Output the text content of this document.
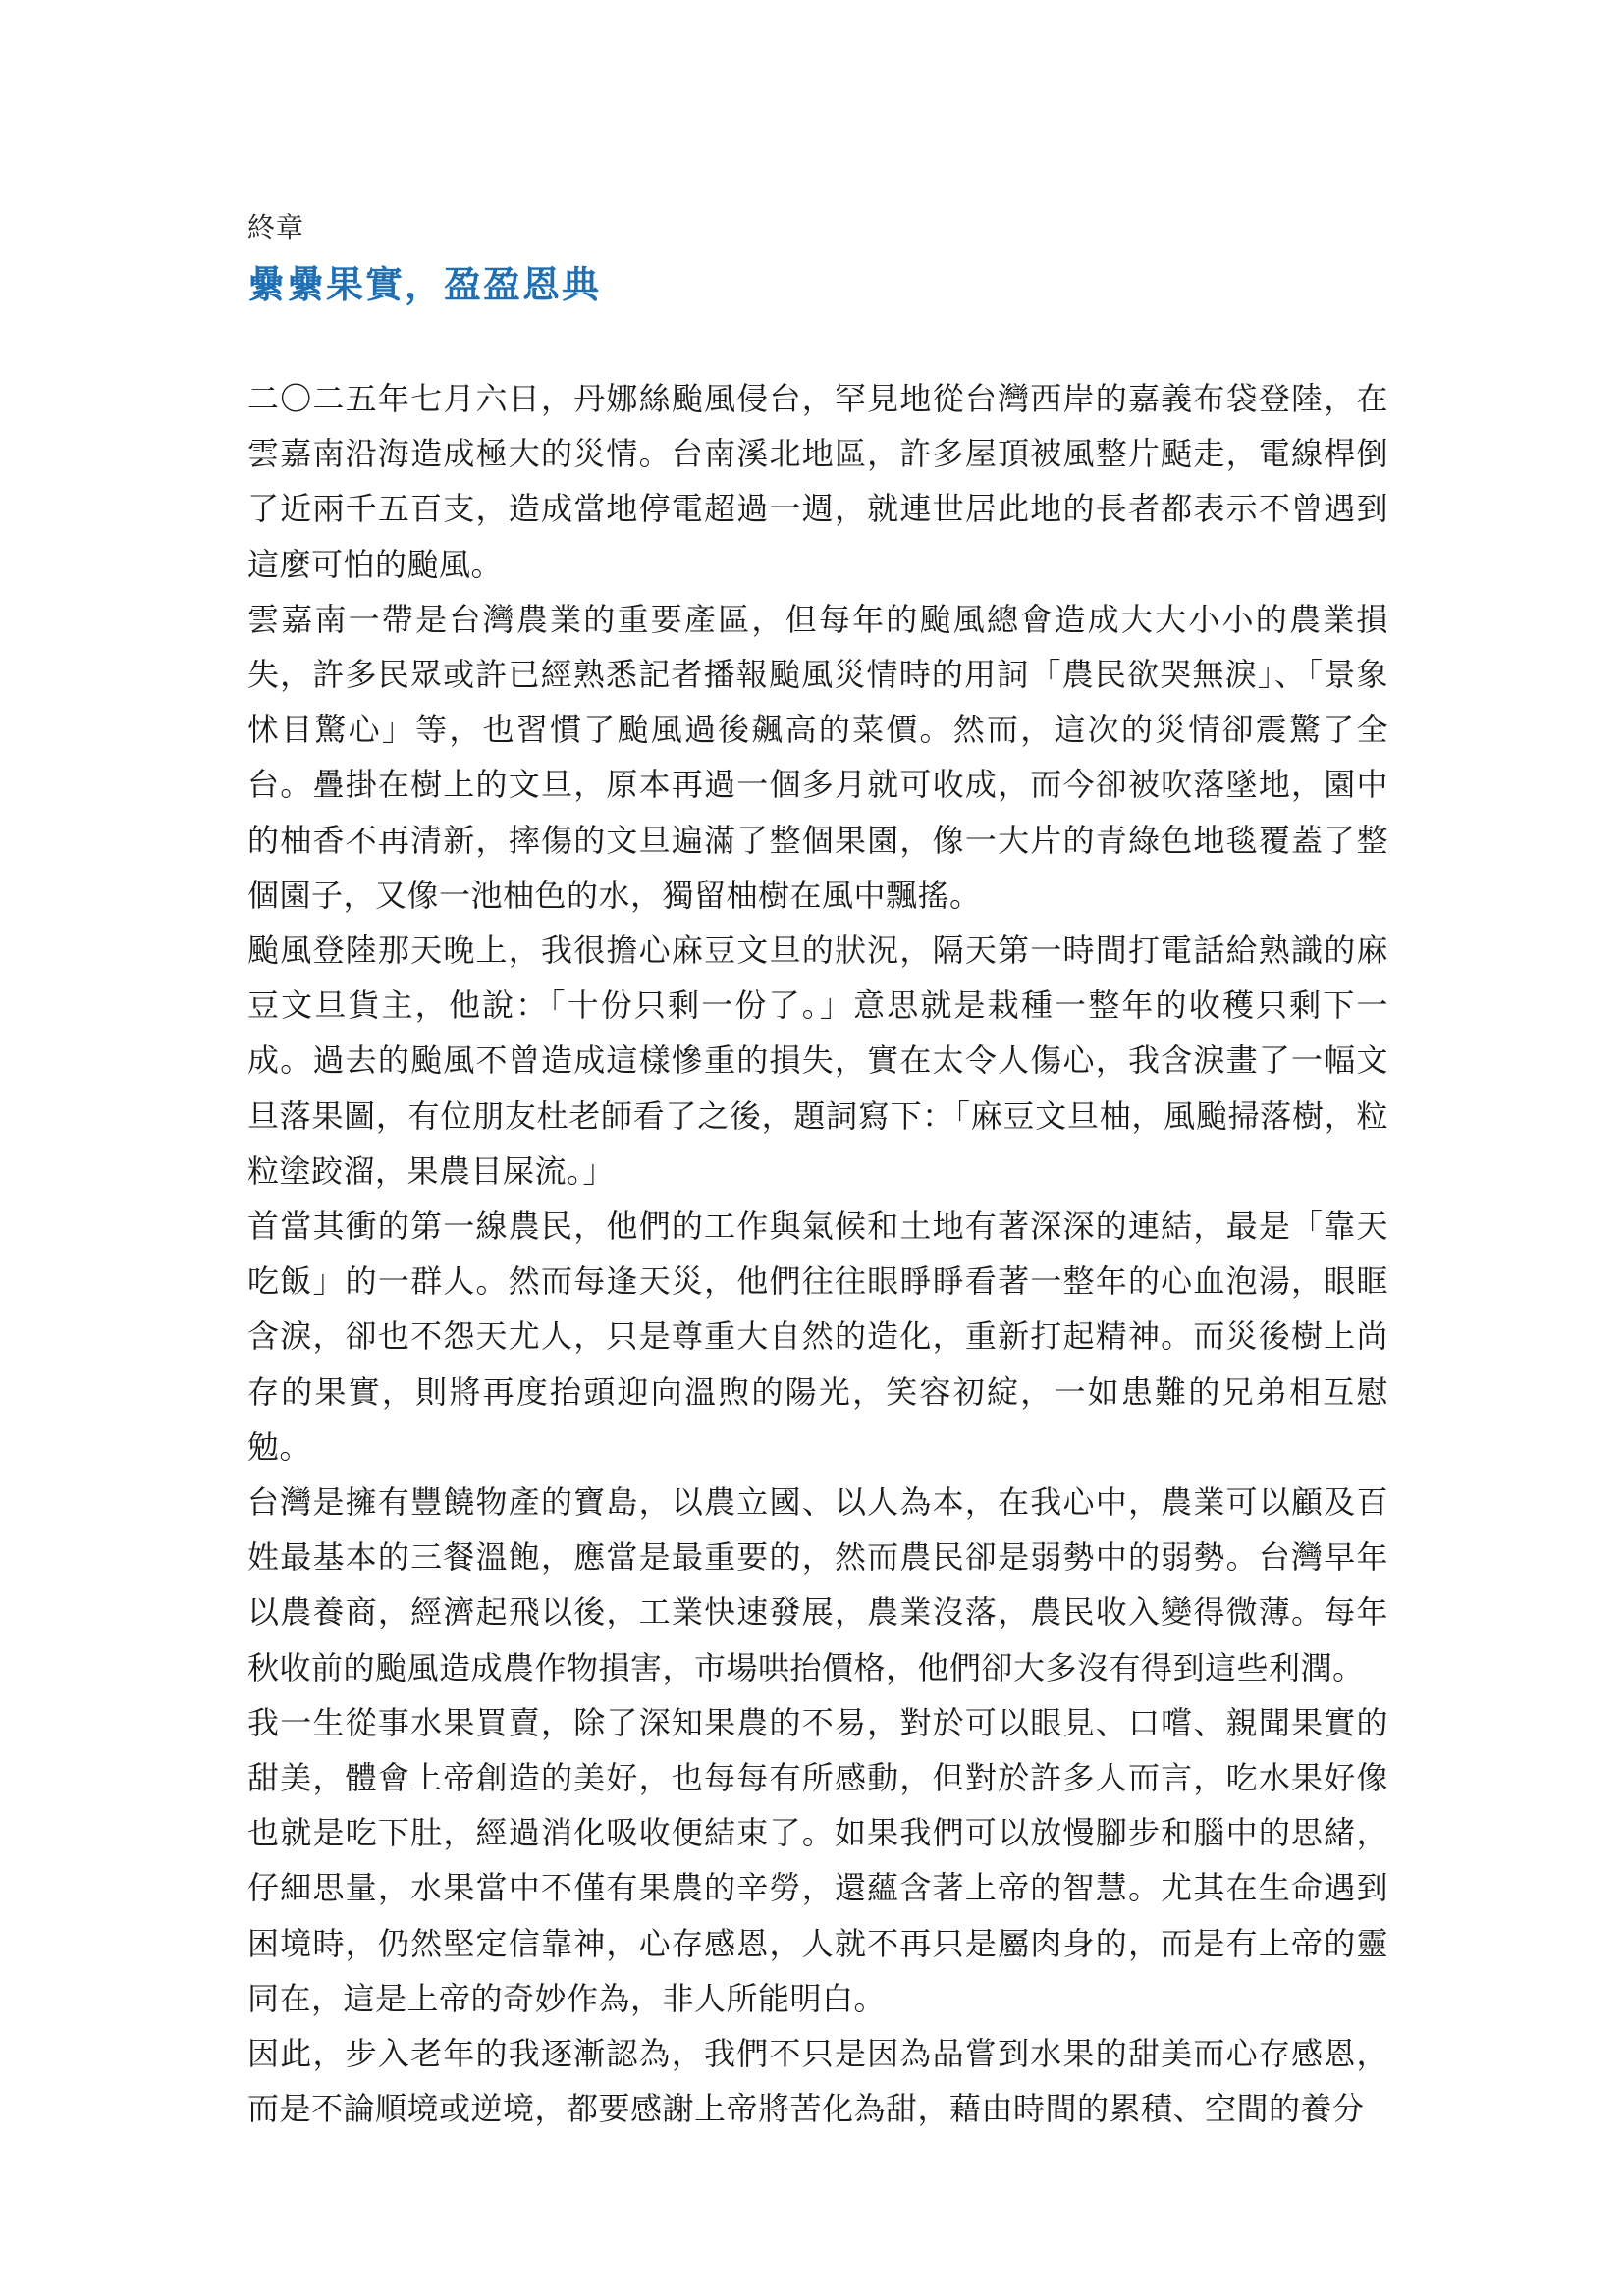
終章
纍纍果實，盈盈恩典

二〇二五年七月六日，丹娜絲颱風侵台，罕見地從台灣西岸的嘉義布袋登陸，在雲嘉南沿海造成極大的災情。台南溪北地區，許多屋頂被風整片颳走，電線桿倒了近兩千五百支，造成當地停電超過一週，就連世居此地的長者都表示不曾遇到這麼可怕的颱風。

雲嘉南一帶是台灣農業的重要產區，但每年的颱風總會造成大大小小的農業損失，許多民眾或許已經熟悉記者播報颱風災情時的用詞「農民欲哭無淚」、「景象怵目驚心」等，也習慣了颱風過後飆高的菜價。然而，這次的災情卻震驚了全台。疊掛在樹上的文旦，原本再過一個多月就可收成，而今卻被吹落墜地，園中的柚香不再清新，摔傷的文旦遍滿了整個果園，像一大片的青綠色地毯覆蓋了整個園子，又像一池柚色的水，獨留柚樹在風中飄搖。

颱風登陸那天晚上，我很擔心麻豆文旦的狀況，隔天第一時間打電話給熟識的麻豆文旦貨主，他說：「十份只剩一份了。」意思就是栽種一整年的收穫只剩下一成。過去的颱風不曾造成這樣慘重的損失，實在太令人傷心，我含淚畫了一幅文旦落果圖，有位朋友杜老師看了之後，題詞寫下：「麻豆文旦柚，風颱掃落樹，粒粒塗跤溜，果農目屎流。」

首當其衝的第一線農民，他們的工作與氣候和土地有著深深的連結，最是「靠天吃飯」的一群人。然而每逢天災，他們往往眼睜睜看著一整年的心血泡湯，眼眶含淚，卻也不怨天尤人，只是尊重大自然的造化，重新打起精神。而災後樹上尚存的果實，則將再度抬頭迎向溫煦的陽光，笑容初綻，一如患難的兄弟相互慰勉。

台灣是擁有豐饒物產的寶島，以農立國、以人為本，在我心中，農業可以顧及百姓最基本的三餐溫飽，應當是最重要的，然而農民卻是弱勢中的弱勢。台灣早年以農養商，經濟起飛以後，工業快速發展，農業沒落，農民收入變得微薄。每年秋收前的颱風造成農作物損害，市場哄抬價格，他們卻大多沒有得到這些利潤。

我一生從事水果買賣，除了深知果農的不易，對於可以眼見、口嚐、親聞果實的甜美，體會上帝創造的美好，也每每有所感動，但對於許多人而言，吃水果好像也就是吃下肚，經過消化吸收便結束了。如果我們可以放慢腳步和腦中的思緒，仔細思量，水果當中不僅有果農的辛勞，還蘊含著上帝的智慧。尤其在生命遇到困境時，仍然堅定信靠神，心存感恩，人就不再只是屬肉身的，而是有上帝的靈同在，這是上帝的奇妙作為，非人所能明白。

因此，步入老年的我逐漸認為，我們不只是因為品嘗到水果的甜美而心存感恩，而是不論順境或逆境，都要感謝上帝將苦化為甜，藉由時間的累積、空間的養分
